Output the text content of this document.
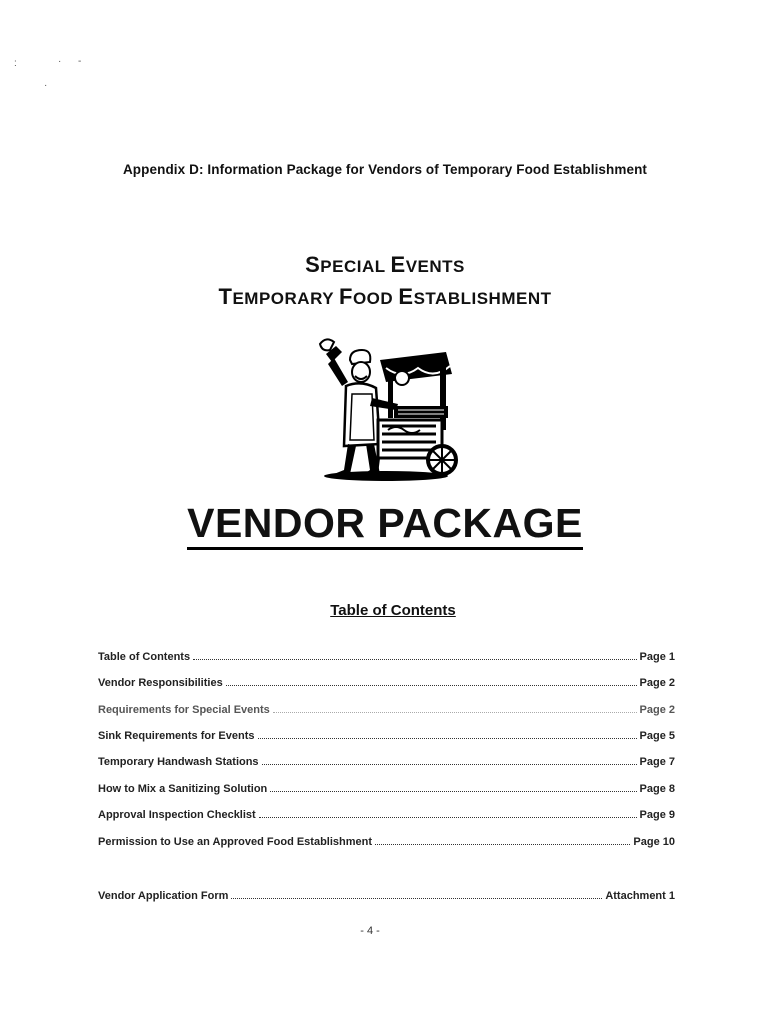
:	· -
·
Appendix D: Information Package for Vendors of Temporary Food Establishment
SPECIAL EVENTS
TEMPORARY FOOD ESTABLISHMENT
VENDOR PACKAGE
Table of Contents
Table of Contents	Page 1
Vendor Responsibilities	Page 2
Requirements for Special Events	Page 2
Sink Requirements for Events	Page 5
Temporary Handwash Stations	Page 7
How to Mix a Sanitizing Solution	Page 8
Approval Inspection Checklist	Page 9
Permission to Use an Approved Food Establishment	Page 10
Vendor Application Form	Attachment 1
- 4 -
